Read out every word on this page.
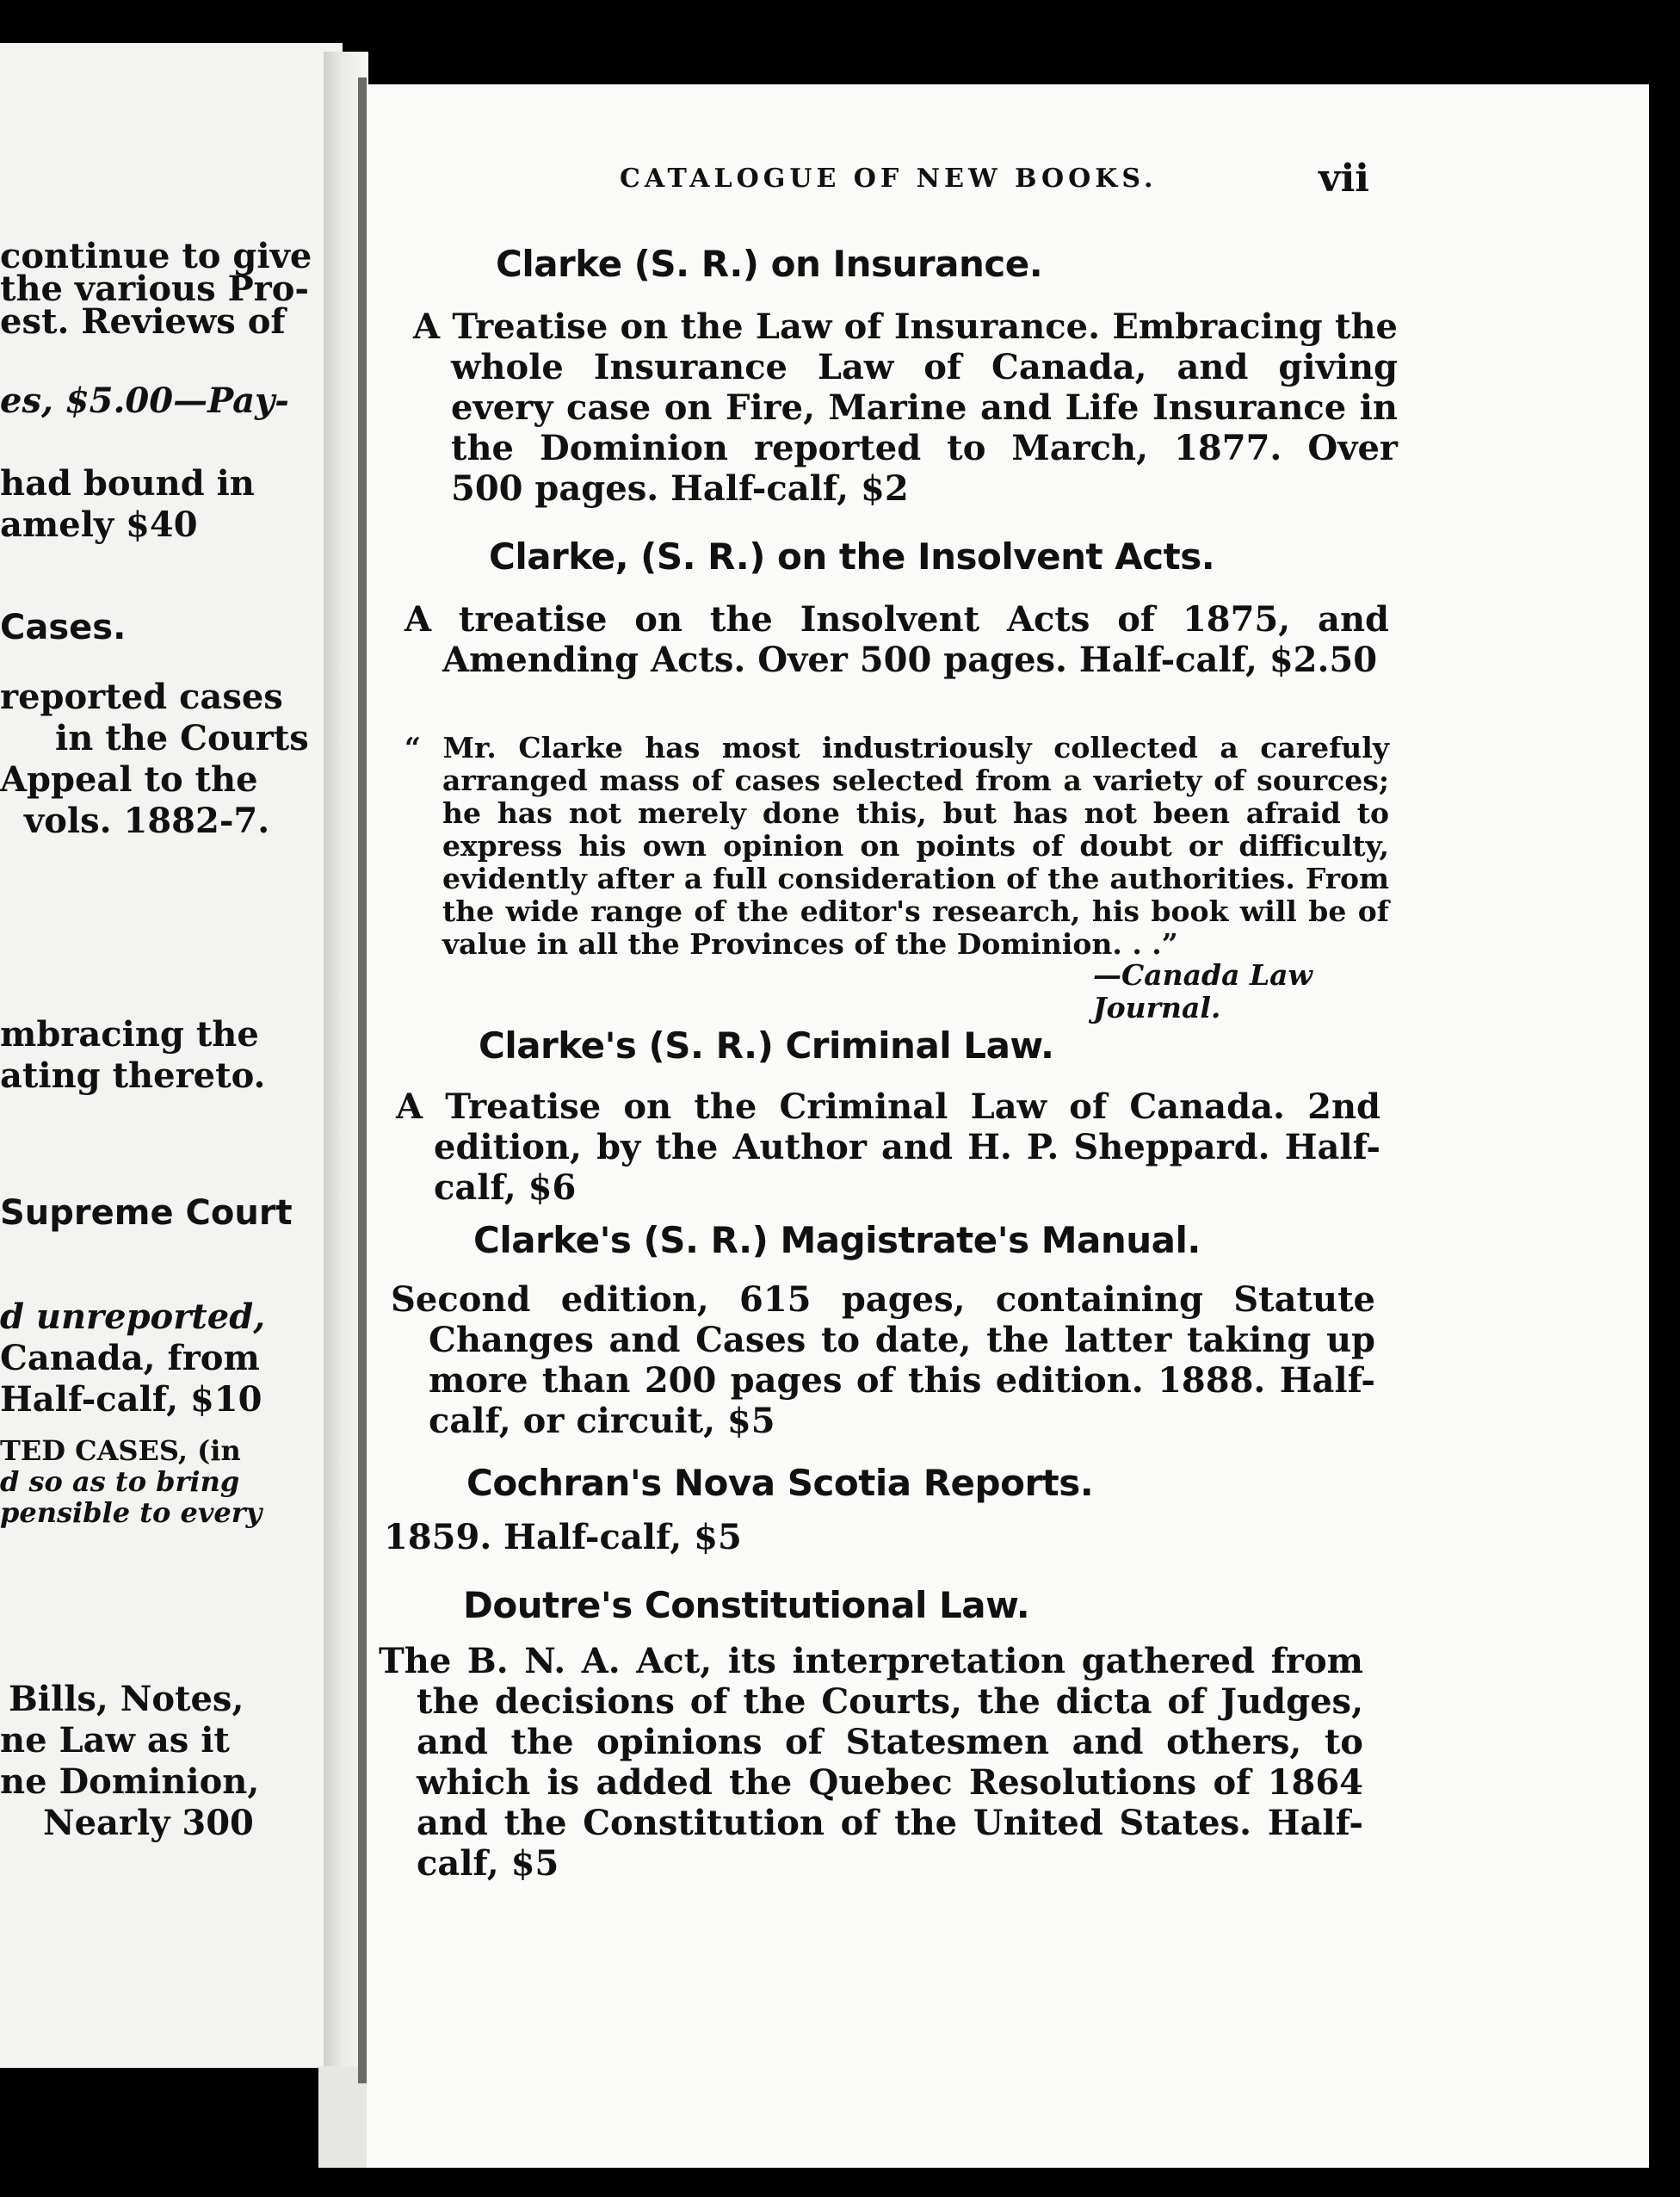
continue to give
the various Pro-
est. Reviews of
es, $5.00—Pay-
had bound in
amely $40
Cases.
reported cases
in the Courts
Appeal to the
vols. 1882-7.
mbracing the
ating thereto.
Supreme Court
d unreported,
Canada, from
Half-calf, $10
TED CASES, (in
d so as to bring
pensible to every
Bills, Notes,
ne Law as it
ne Dominion,
Nearly 300
CATALOGUE OF NEW BOOKS.	vii
Clarke (S. R.) on Insurance.

A Treatise on the Law of Insurance. Embracing the whole Insurance Law of Canada, and giving every case on Fire, Marine and Life Insurance in the Dominion reported to March, 1877. Over 500 pages. Half-calf, $2

Clarke, (S. R.) on the Insolvent Acts.

A treatise on the Insolvent Acts of 1875, and Amending Acts. Over 500 pages. Half-calf, $2.50

“ Mr. Clarke has most industriously collected a carefuly arranged mass of cases selected from a variety of sources; he has not merely done this, but has not been afraid to express his own opinion on points of doubt or difficulty, evidently after a full consideration of the authorities. From the wide range of the editor's research, his book will be of value in all the Provinces of the Dominion. . .”

—Canada Law Journal.
Clarke's (S. R.) Criminal Law.

A Treatise on the Criminal Law of Canada. 2nd edition, by the Author and H. P. Sheppard. Half-calf, $6

Clarke's (S. R.) Magistrate's Manual.

Second edition, 615 pages, containing Statute Changes and Cases to date, the latter taking up more than 200 pages of this edition. 1888. Half-calf, or circuit, $5

Cochran's Nova Scotia Reports.

1859. Half-calf, $5

Doutre's Constitutional Law.

The B. N. A. Act, its interpretation gathered from the decisions of the Courts, the dicta of Judges, and the opinions of Statesmen and others, to which is added the Quebec Resolutions of 1864 and the Constitution of the United States. Half-calf, $5
